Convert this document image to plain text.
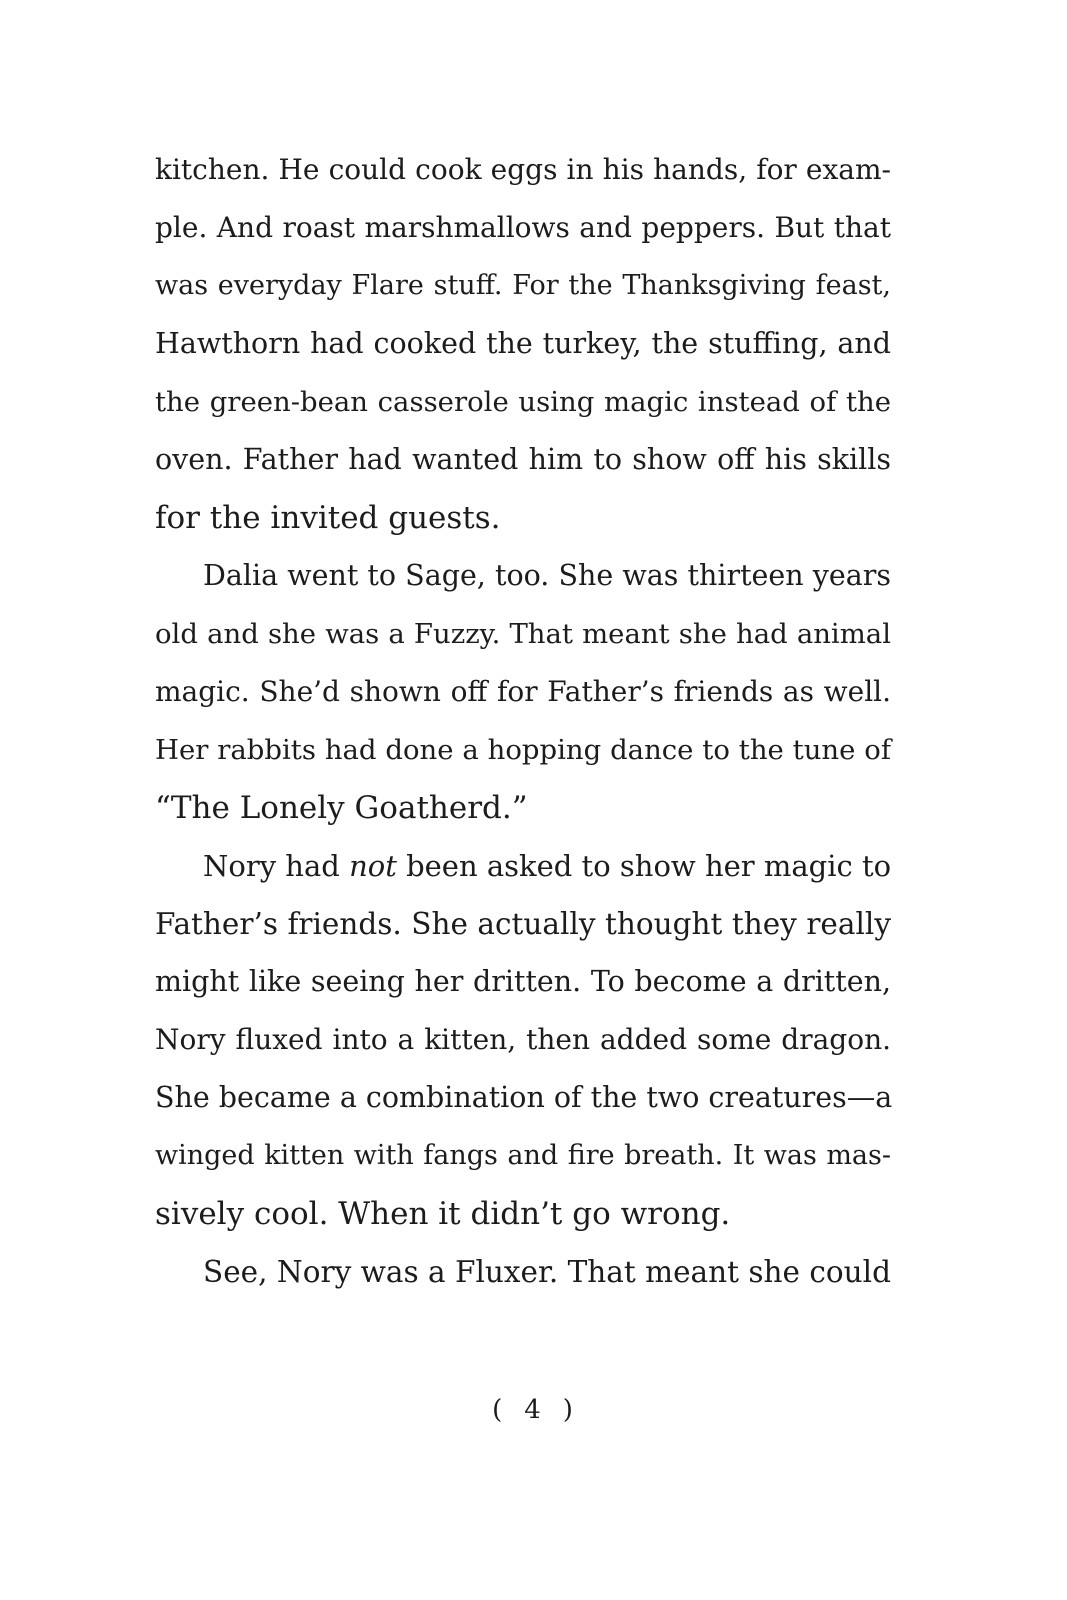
kitchen. He could cook eggs in his hands, for exam-
ple. And roast marshmallows and peppers. But that
was everyday Flare stuff. For the Thanksgiving feast,
Hawthorn had cooked the turkey, the stuffing, and
the green-bean casserole using magic instead of the
oven. Father had wanted him to show off his skills
for the invited guests.
Dalia went to Sage, too. She was thirteen years
old and she was a Fuzzy. That meant she had animal
magic. She’d shown off for Father’s friends as well.
Her rabbits had done a hopping dance to the tune of
“The Lonely Goatherd.”
Nory had not been asked to show her magic to
Father’s friends. She actually thought they really
might like seeing her dritten. To become a dritten,
Nory fluxed into a kitten, then added some dragon.
She became a combination of the two creatures—a
winged kitten with fangs and fire breath. It was mas-
sively cool. When it didn’t go wrong.
See, Nory was a Fluxer. That meant she could
( 4 )
